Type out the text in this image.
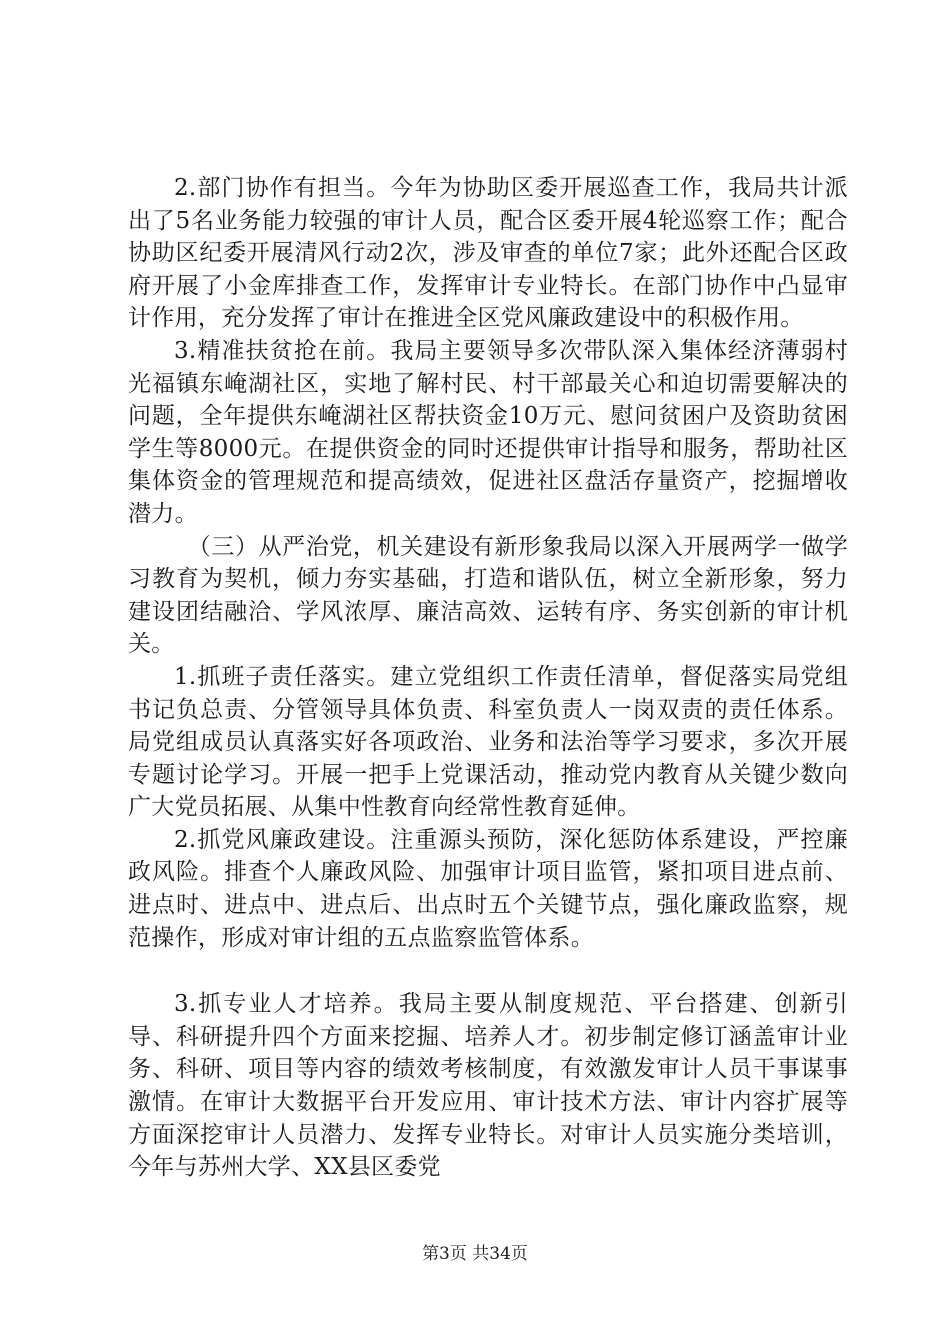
2.部门协作有担当。今年为协助区委开展巡查工作，我局共计派出了5名业务能力较强的审计人员，配合区委开展4轮巡察工作；配合协助区纪委开展清风行动2次，涉及审查的单位7家；此外还配合区政府开展了小金库排查工作，发挥审计专业特长。在部门协作中凸显审计作用，充分发挥了审计在推进全区党风廉政建设中的积极作用。

3.精准扶贫抢在前。我局主要领导多次带队深入集体经济薄弱村光福镇东崦湖社区，实地了解村民、村干部最关心和迫切需要解决的问题，全年提供东崦湖社区帮扶资金10万元、慰问贫困户及资助贫困学生等8000元。在提供资金的同时还提供审计指导和服务，帮助社区集体资金的管理规范和提高绩效，促进社区盘活存量资产，挖掘增收潜力。

（三）从严治党，机关建设有新形象我局以深入开展两学一做学习教育为契机，倾力夯实基础，打造和谐队伍，树立全新形象，努力建设团结融洽、学风浓厚、廉洁高效、运转有序、务实创新的审计机关。

1.抓班子责任落实。建立党组织工作责任清单，督促落实局党组书记负总责、分管领导具体负责、科室负责人一岗双责的责任体系。局党组成员认真落实好各项政治、业务和法治等学习要求，多次开展专题讨论学习。开展一把手上党课活动，推动党内教育从关键少数向广大党员拓展、从集中性教育向经常性教育延伸。

2.抓党风廉政建设。注重源头预防，深化惩防体系建设，严控廉政风险。排查个人廉政风险、加强审计项目监管，紧扣项目进点前、进点时、进点中、进点后、出点时五个关键节点，强化廉政监察，规范操作，形成对审计组的五点监察监管体系。

3.抓专业人才培养。我局主要从制度规范、平台搭建、创新引导、科研提升四个方面来挖掘、培养人才。初步制定修订涵盖审计业务、科研、项目等内容的绩效考核制度，有效激发审计人员干事谋事激情。在审计大数据平台开发应用、审计技术方法、审计内容扩展等方面深挖审计人员潜力、发挥专业特长。对审计人员实施分类培训，今年与苏州大学、XX县区委党

第3页 共34页
